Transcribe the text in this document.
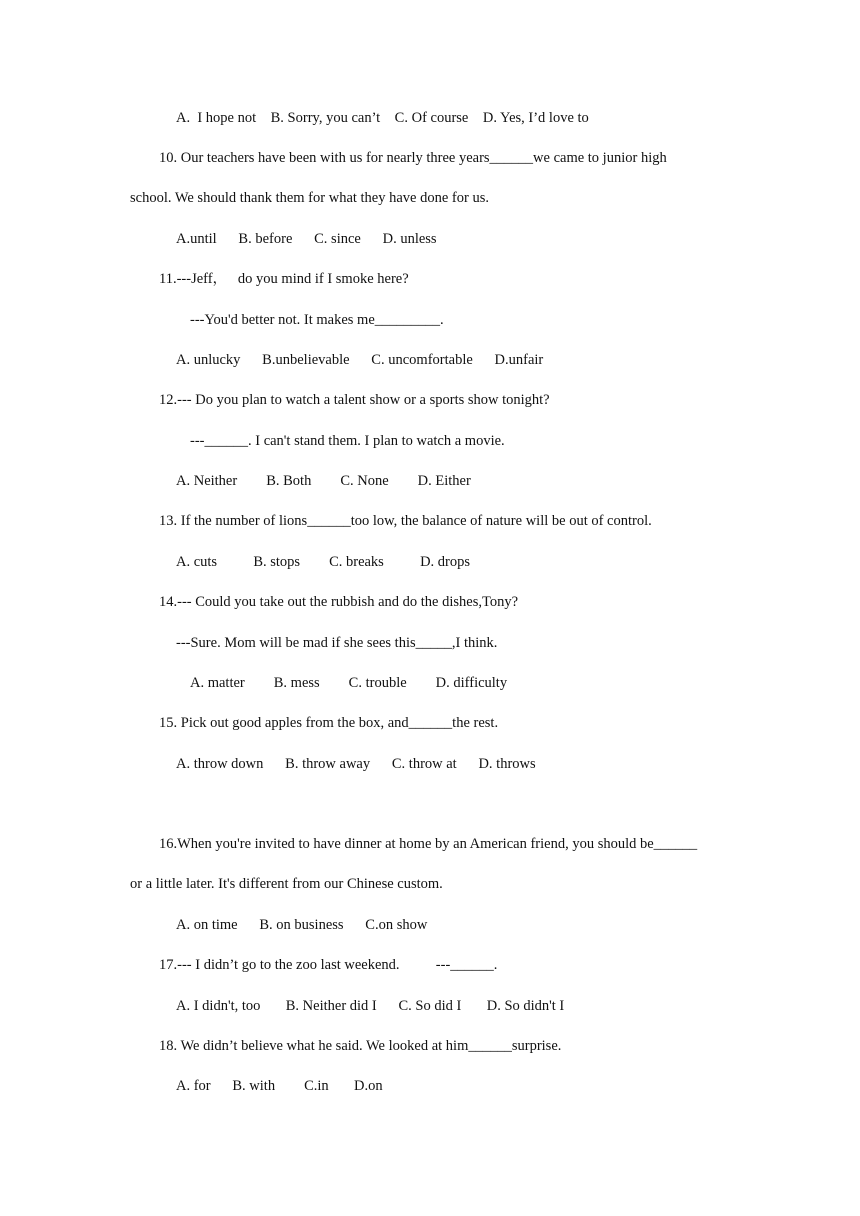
A.  I hope not    B. Sorry, you can’t    C. Of course    D. Yes, I’d love to
10. Our teachers have been with us for nearly three years______we came to junior high
school. We should thank them for what they have done for us.
A.until      B. before      C. since      D. unless
11.---Jeff，   do you mind if I smoke here?
---You'd better not. It makes me_________.
A. unlucky      B.unbelievable      C. uncomfortable      D.unfair
12.--- Do you plan to watch a talent show or a sports show tonight?
---______. I can't stand them. I plan to watch a movie.
A. Neither        B. Both        C. None        D. Either
13. If the number of lions______too low, the balance of nature will be out of control.
A. cuts          B. stops        C. breaks          D. drops
14.--- Could you take out the rubbish and do the dishes,Tony?
---Sure. Mom will be mad if she sees this_____,I think.
A. matter        B. mess        C. trouble        D. difficulty
15. Pick out good apples from the box, and______the rest.
A. throw down      B. throw away      C. throw at      D. throws
16.When you're invited to have dinner at home by an American friend, you should be______
or a little later. It's different from our Chinese custom.
A. on time      B. on business      C.on show
17.--- I didn’t go to the zoo last weekend.          ---______.
A. I didn't, too       B. Neither did I      C. So did I       D. So didn't I
18. We didn’t believe what he said. We looked at him______surprise.
A. for      B. with        C.in       D.on
